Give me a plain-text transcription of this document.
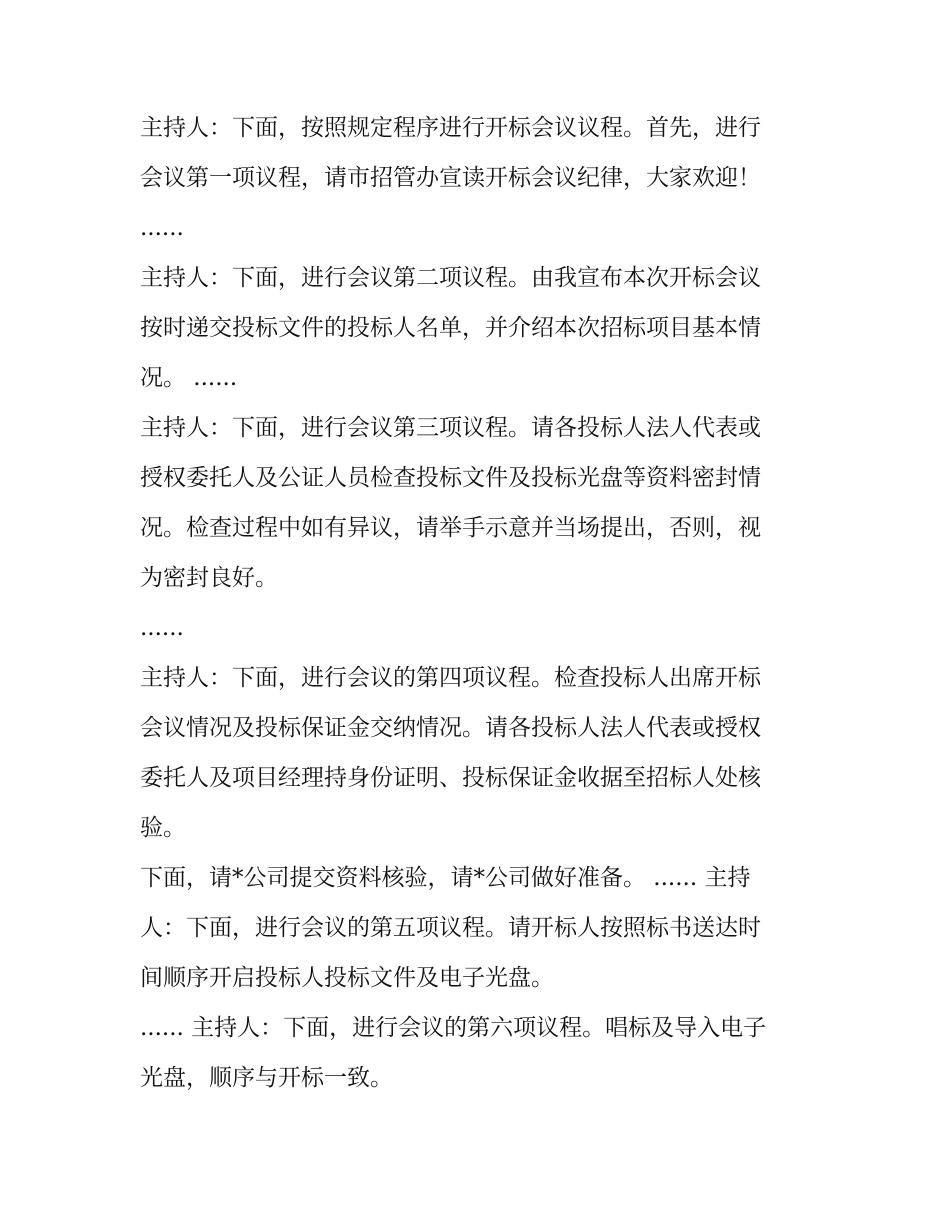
主持人：下面，按照规定程序进行开标会议议程。首先，进行
会议第一项议程，请市招管办宣读开标会议纪律，大家欢迎！
......
主持人：下面，进行会议第二项议程。由我宣布本次开标会议
按时递交投标文件的投标人名单，并介绍本次招标项目基本情
况。 ......
主持人：下面，进行会议第三项议程。请各投标人法人代表或
授权委托人及公证人员检查投标文件及投标光盘等资料密封情
况。检查过程中如有异议，请举手示意并当场提出，否则，视
为密封良好。
......
主持人：下面，进行会议的第四项议程。检查投标人出席开标
会议情况及投标保证金交纳情况。请各投标人法人代表或授权
委托人及项目经理持身份证明、投标保证金收据至招标人处核
验。
下面，请*公司提交资料核验，请*公司做好准备。 ...... 主持
人：下面，进行会议的第五项议程。请开标人按照标书送达时
间顺序开启投标人投标文件及电子光盘。
...... 主持人：下面，进行会议的第六项议程。唱标及导入电子
光盘，顺序与开标一致。
